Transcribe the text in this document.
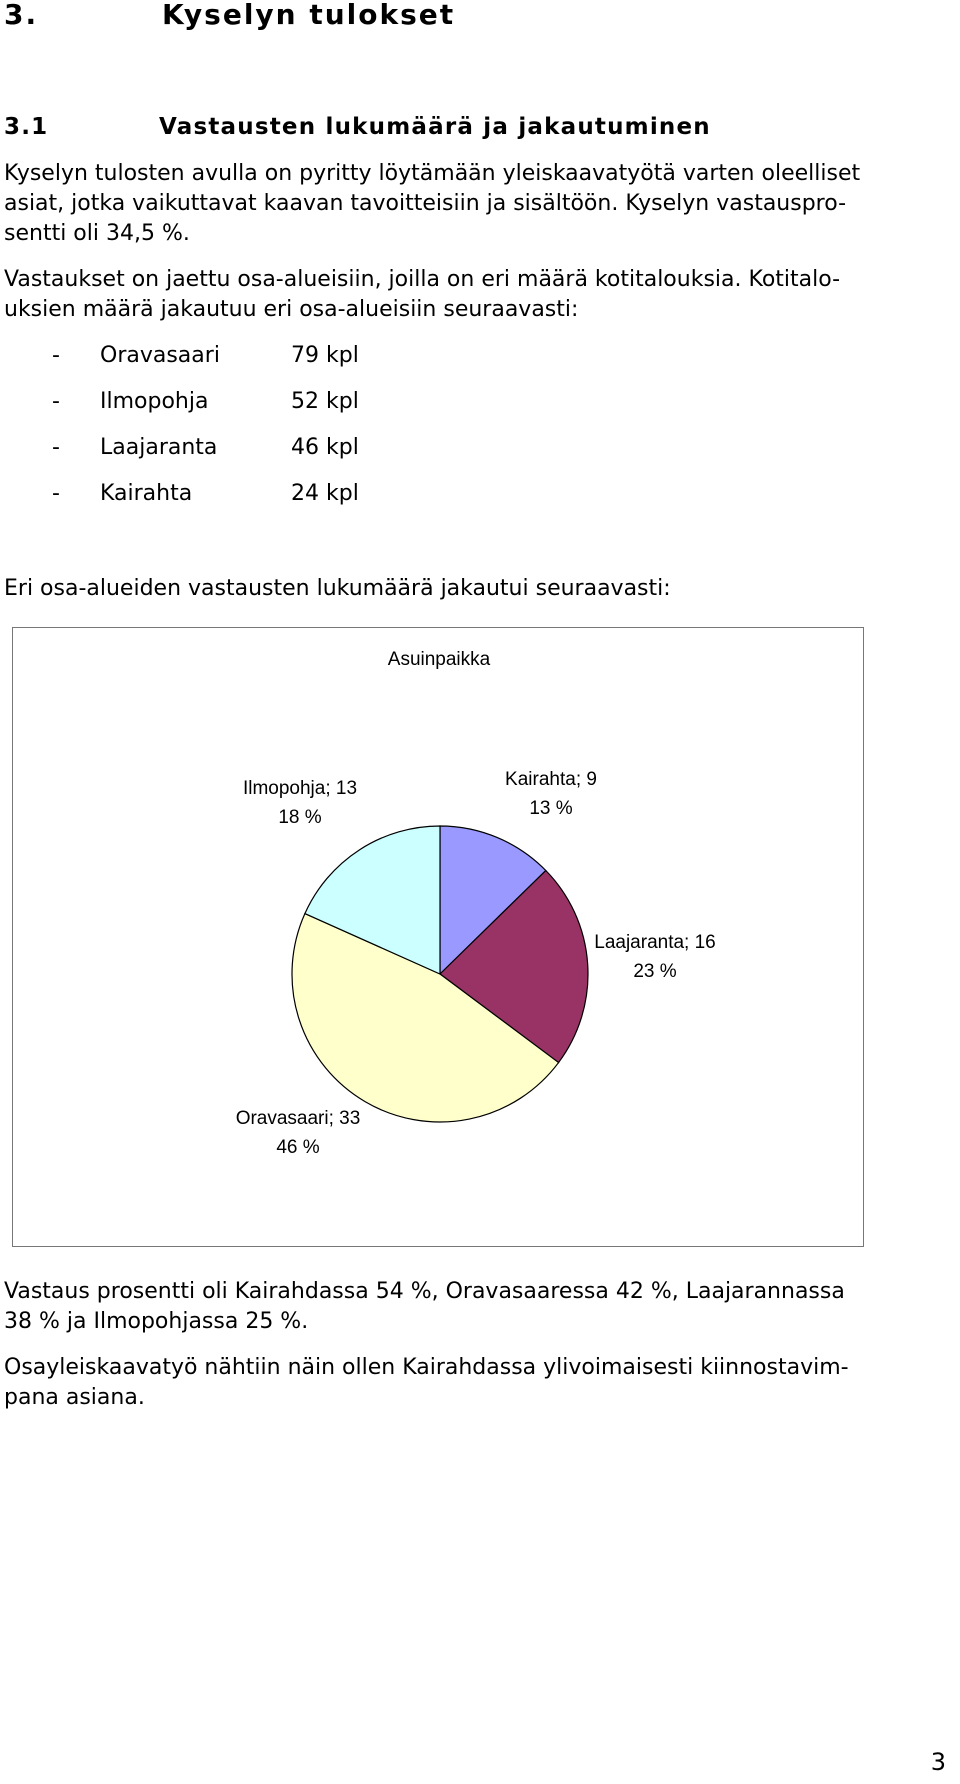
3.	Kyselyn tulokset
3.1	Vastausten lukumäärä ja jakautuminen
Kyselyn tulosten avulla on pyritty löytämään yleiskaavatyötä varten oleelliset
asiat, jotka vaikuttavat kaavan tavoitteisiin ja sisältöön. Kyselyn vastauspro-
sentti oli 34,5 %.
Vastaukset on jaettu osa-alueisiin, joilla on eri määrä kotitalouksia. Kotitalo-
uksien määrä jakautuu eri osa-alueisiin seuraavasti:
- Oravasaari	79 kpl
- Ilmopohja	52 kpl
- Laajaranta	46 kpl
- Kairahta	24 kpl
Eri osa-alueiden vastausten lukumäärä jakautui seuraavasti:
Asuinpaikka
Kairahta; 9
13 %
Laajaranta; 16
23 %
Oravasaari; 33
46 %
Ilmopohja; 13
18 %
Vastaus prosentti oli Kairahdassa 54 %, Oravasaaressa 42 %, Laajarannassa
38 % ja Ilmopohjassa 25 %.
Osayleiskaavatyö nähtiin näin ollen Kairahdassa ylivoimaisesti kiinnostavim-
pana asiana.
3
